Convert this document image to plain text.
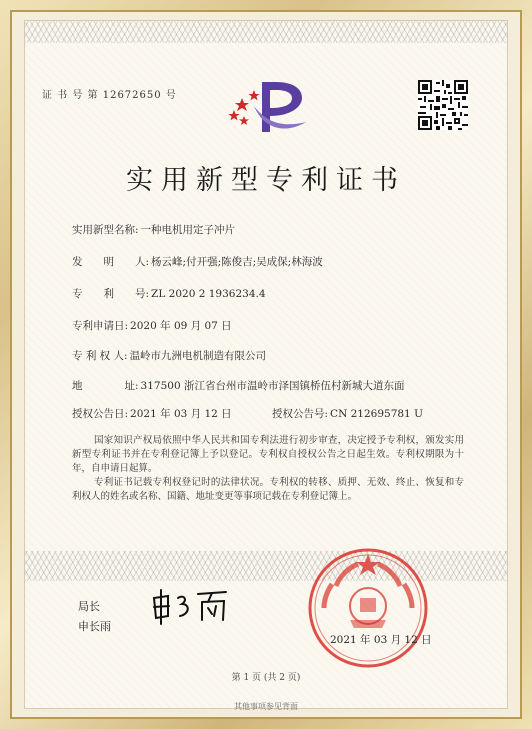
证 书 号 第 12672650 号
实用新型专利证书
实用新型名称: 一种电机用定子冲片
发　　明　　人: 杨云峰;付开强;陈俊吉;吴成保;林海波
专　　利　　号: ZL 2020 2 1936234.4
专利申请日: 2020 年 09 月 07 日
专 利 权 人: 温岭市九洲电机制造有限公司
地　　　　址: 317500 浙江省台州市温岭市泽国镇桥伍村新城大道东面
授权公告日: 2021 年 03 月 12 日	授权公告号: CN 212695781 U

国家知识产权局依照中华人民共和国专利法进行初步审查，决定授予专利权，颁发实用新型专利证书并在专利登记簿上予以登记。专利权自授权公告之日起生效。专利权期限为十年，自申请日起算。

专利证书记载专利权登记时的法律状况。专利权的转移、质押、无效、终止、恢复和专利权人的姓名或名称、国籍、地址变更等事项记载在专利登记簿上。

局长
申长雨
2021 年 03 月 12 日
第 1 页 (共 2 页)
其他事项参见背面
